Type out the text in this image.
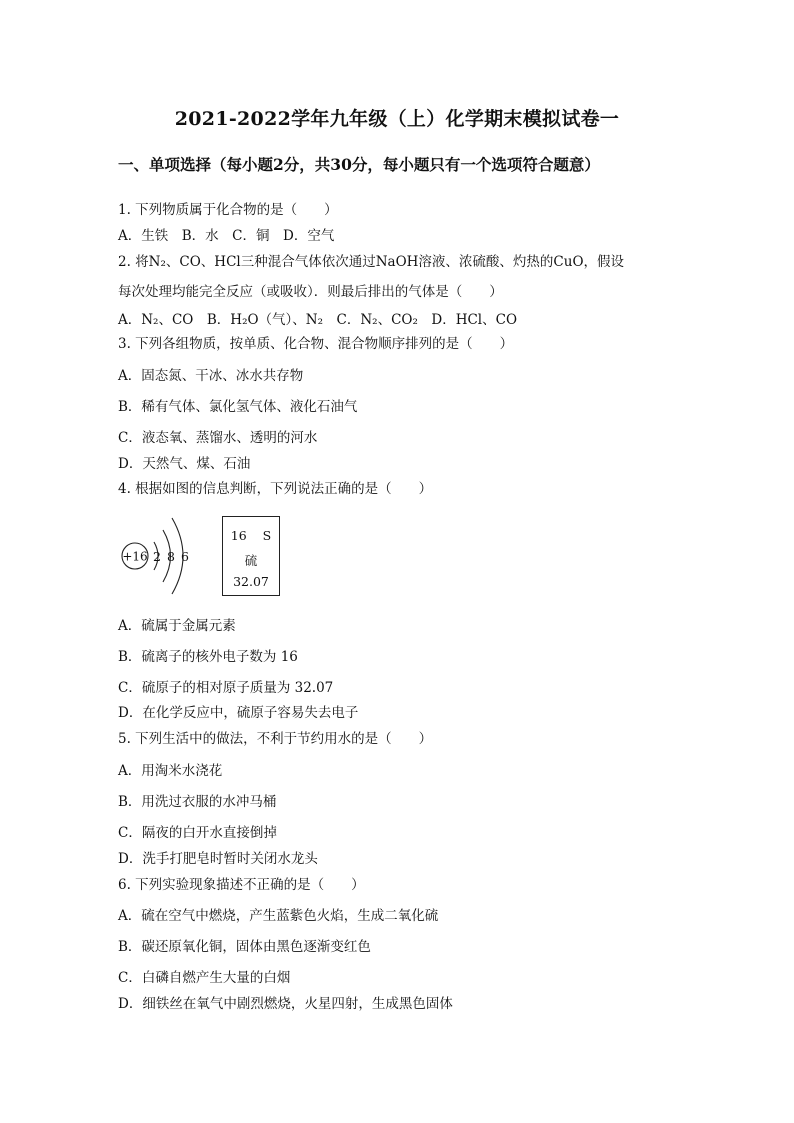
2021-2022学年九年级（上）化学期末模拟试卷一
一、单项选择（每小题2分，共30分，每小题只有一个选项符合题意）
1. 下列物质属于化合物的是（　　）
A．生铁　B．水　C．铜　D．空气
2. 将N₂、CO、HCl三种混合气体依次通过NaOH溶液、浓硫酸、灼热的CuO，假设
每次处理均能完全反应（或吸收）．则最后排出的气体是（　　）
A．N₂、CO　B．H₂O（气）、N₂　C．N₂、CO₂　D．HCl、CO
3. 下列各组物质，按单质、化合物、混合物顺序排列的是（　　）
A．固态氮、干冰、冰水共存物
B．稀有气体、氯化氢气体、液化石油气
C．液态氧、蒸馏水、透明的河水
D．天然气、煤、石油
4. 根据如图的信息判断，下列说法正确的是（　　）
+16 2 8 6
16 S
硫
32.07
A．硫属于金属元素
B．硫离子的核外电子数为 16
C．硫原子的相对原子质量为 32.07
D．在化学反应中，硫原子容易失去电子
5. 下列生活中的做法，不利于节约用水的是（　　）
A．用淘米水浇花
B．用洗过衣服的水冲马桶
C．隔夜的白开水直接倒掉
D．洗手打肥皂时暂时关闭水龙头
6. 下列实验现象描述不正确的是（　　）
A．硫在空气中燃烧，产生蓝紫色火焰，生成二氧化硫
B．碳还原氧化铜，固体由黑色逐渐变红色
C．白磷自燃产生大量的白烟
D．细铁丝在氧气中剧烈燃烧，火星四射，生成黑色固体
